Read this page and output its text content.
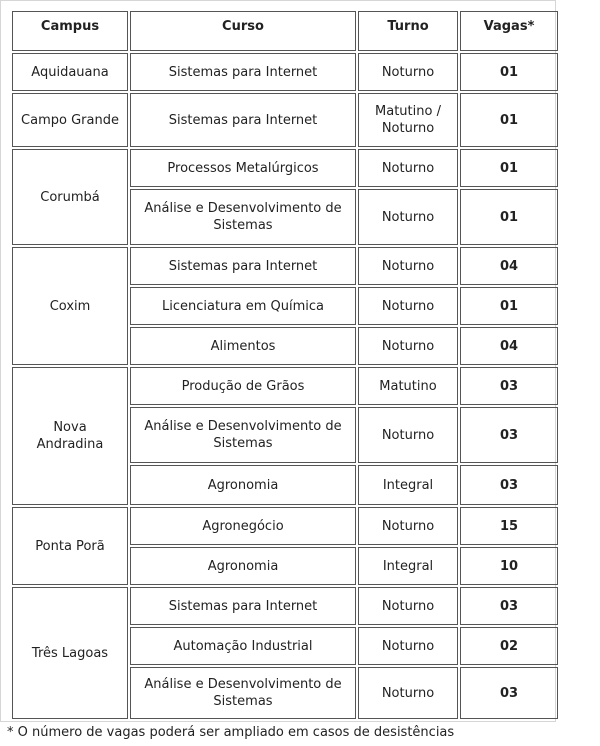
Campus	Curso	Turno	Vagas*
Aquidauana	Sistemas para Internet	Noturno	01
Campo Grande	Sistemas para Internet	Matutino / Noturno	01
Corumbá	Processos Metalúrgicos	Noturno	01
	Análise e Desenvolvimento de Sistemas	Noturno	01
Coxim	Sistemas para Internet	Noturno	04
	Licenciatura em Química	Noturno	01
	Alimentos	Noturno	04
Nova Andradina	Produção de Grãos	Matutino	03
	Análise e Desenvolvimento de Sistemas	Noturno	03
	Agronomia	Integral	03
Ponta Porã	Agronegócio	Noturno	15
	Agronomia	Integral	10
Três Lagoas	Sistemas para Internet	Noturno	03
	Automação Industrial	Noturno	02
	Análise e Desenvolvimento de Sistemas	Noturno	03
* O número de vagas poderá ser ampliado em casos de desistências
